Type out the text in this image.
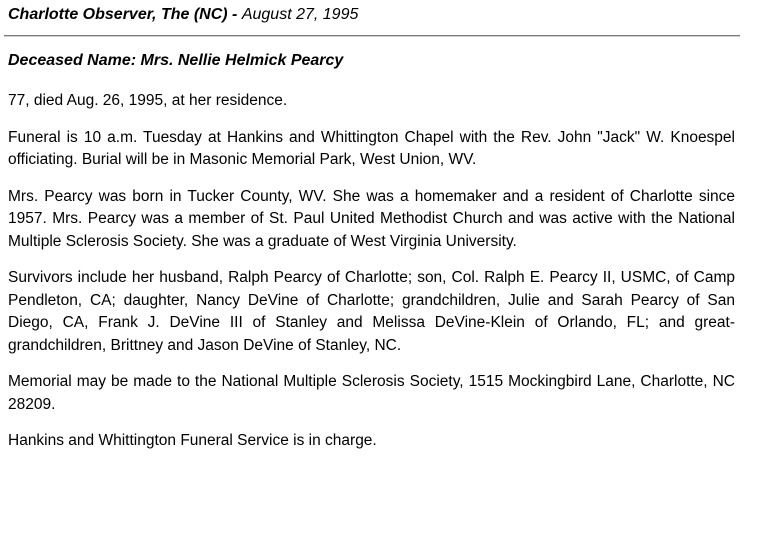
Charlotte Observer, The (NC) - August 27, 1995
Deceased Name: Mrs. Nellie Helmick Pearcy

77, died Aug. 26, 1995, at her residence.

Funeral is 10 a.m. Tuesday at Hankins and Whittington Chapel with the Rev. John "Jack" W. Knoespel officiating. Burial will be in Masonic Memorial Park, West Union, WV.

Mrs. Pearcy was born in Tucker County, WV. She was a homemaker and a resident of Charlotte since 1957. Mrs. Pearcy was a member of St. Paul United Methodist Church and was active with the National Multiple Sclerosis Society. She was a graduate of West Virginia University.

Survivors include her husband, Ralph Pearcy of Charlotte; son, Col. Ralph E. Pearcy II, USMC, of Camp Pendleton, CA; daughter, Nancy DeVine of Charlotte; grandchildren, Julie and Sarah Pearcy of San Diego, CA, Frank J. DeVine III of Stanley and Melissa DeVine-Klein of Orlando, FL; and great-grandchildren, Brittney and Jason DeVine of Stanley, NC.

Memorial may be made to the National Multiple Sclerosis Society, 1515 Mockingbird Lane, Charlotte, NC 28209.

Hankins and Whittington Funeral Service is in charge.
